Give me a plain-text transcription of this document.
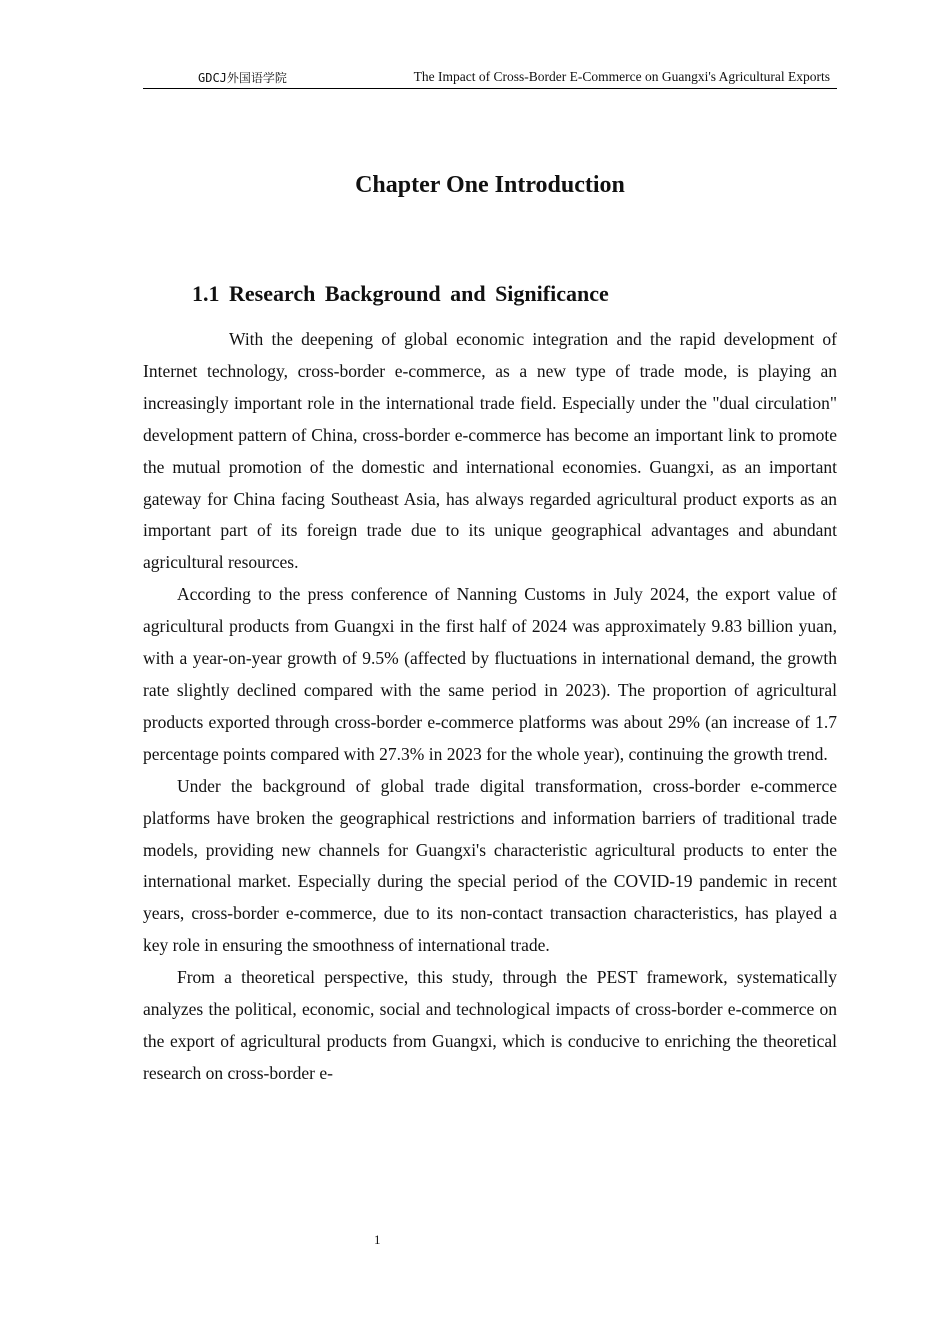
GDCJ外国语学院	The Impact of Cross-Border E-Commerce on Guangxi's Agricultural Exports
Chapter One Introduction
1.1 Research Background and Significance

With the deepening of global economic integration and the rapid development of Internet technology, cross-border e-commerce, as a new type of trade mode, is playing an increasingly important role in the international trade field. Especially under the "dual circulation" development pattern of China, cross-border e-commerce has become an important link to promote the mutual promotion of the domestic and international economies. Guangxi, as an important gateway for China facing Southeast Asia, has always regarded agricultural product exports as an important part of its foreign trade due to its unique geographical advantages and abundant agricultural resources.

According to the press conference of Nanning Customs in July 2024, the export value of agricultural products from Guangxi in the first half of 2024 was approximately 9.83 billion yuan, with a year-on-year growth of 9.5% (affected by fluctuations in international demand, the growth rate slightly declined compared with the same period in 2023). The proportion of agricultural products exported through cross-border e-commerce platforms was about 29% (an increase of 1.7 percentage points compared with 27.3% in 2023 for the whole year), continuing the growth trend.

Under the background of global trade digital transformation, cross-border e-commerce platforms have broken the geographical restrictions and information barriers of traditional trade models, providing new channels for Guangxi's characteristic agricultural products to enter the international market. Especially during the special period of the COVID-19 pandemic in recent years, cross-border e-commerce, due to its non-contact transaction characteristics, has played a key role in ensuring the smoothness of international trade.

From a theoretical perspective, this study, through the PEST framework, systematically analyzes the political, economic, social and technological impacts of cross-border e-commerce on the export of agricultural products from Guangxi, which is conducive to enriching the theoretical research on cross-border e-

1
